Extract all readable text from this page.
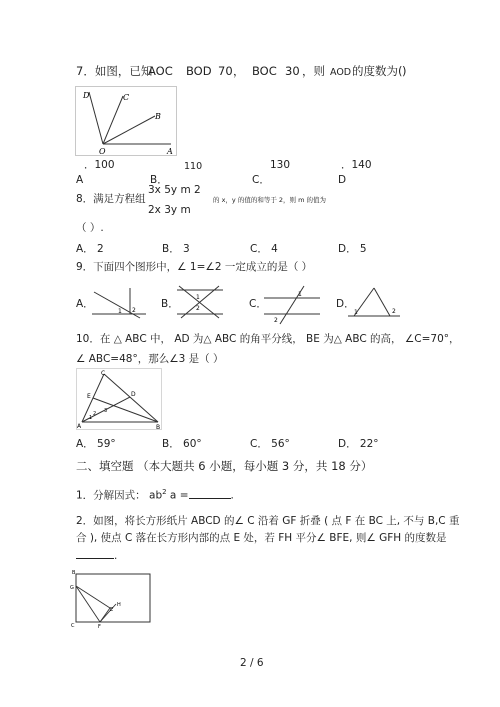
7．如图，已知
AOC BOD 70 ， BOC 30 ，则 AOD 的度数为( )
D	C
B
O	A
．100	110	130	．140
A	B．	C．	D
3x 5y m 2
8．满足方程组	的 x，y 的值的和等于 2，则 m 的值为
2x 3y m
（ ）.
A． 2	B． 3	C． 4	D． 5
9．下面四个图形中，∠ 1=∠2 一定成立的是（ ）
A．
1 2
B．
1
2	C．
1
2
D．
1	2
10．在 △ ABC 中， AD 为△ ABC 的角平分线， BE 为△ ABC 的高， ∠C=70°，
∠ ABC=48°，那么∠3 是（ ）
C
E	D
A	B
1
2 3
A． 59°	B． 60°	C． 56°	D． 22°
二、填空题 （本大题共 6 小题，每小题 3 分，共 18 分）
1．分解因式： $ab^2$ a =	.
2．如图，将长方形纸片 ABCD 的∠ C 沿着 GF 折叠 ( 点 F 在 BC 上, 不与 B,C 重
合 ), 使点 C 落在长方形内部的点 E 处，若 FH 平分∠ BFE, 则∠ GFH 的度数是
.
B
G
C	F
E
H
2 / 6
